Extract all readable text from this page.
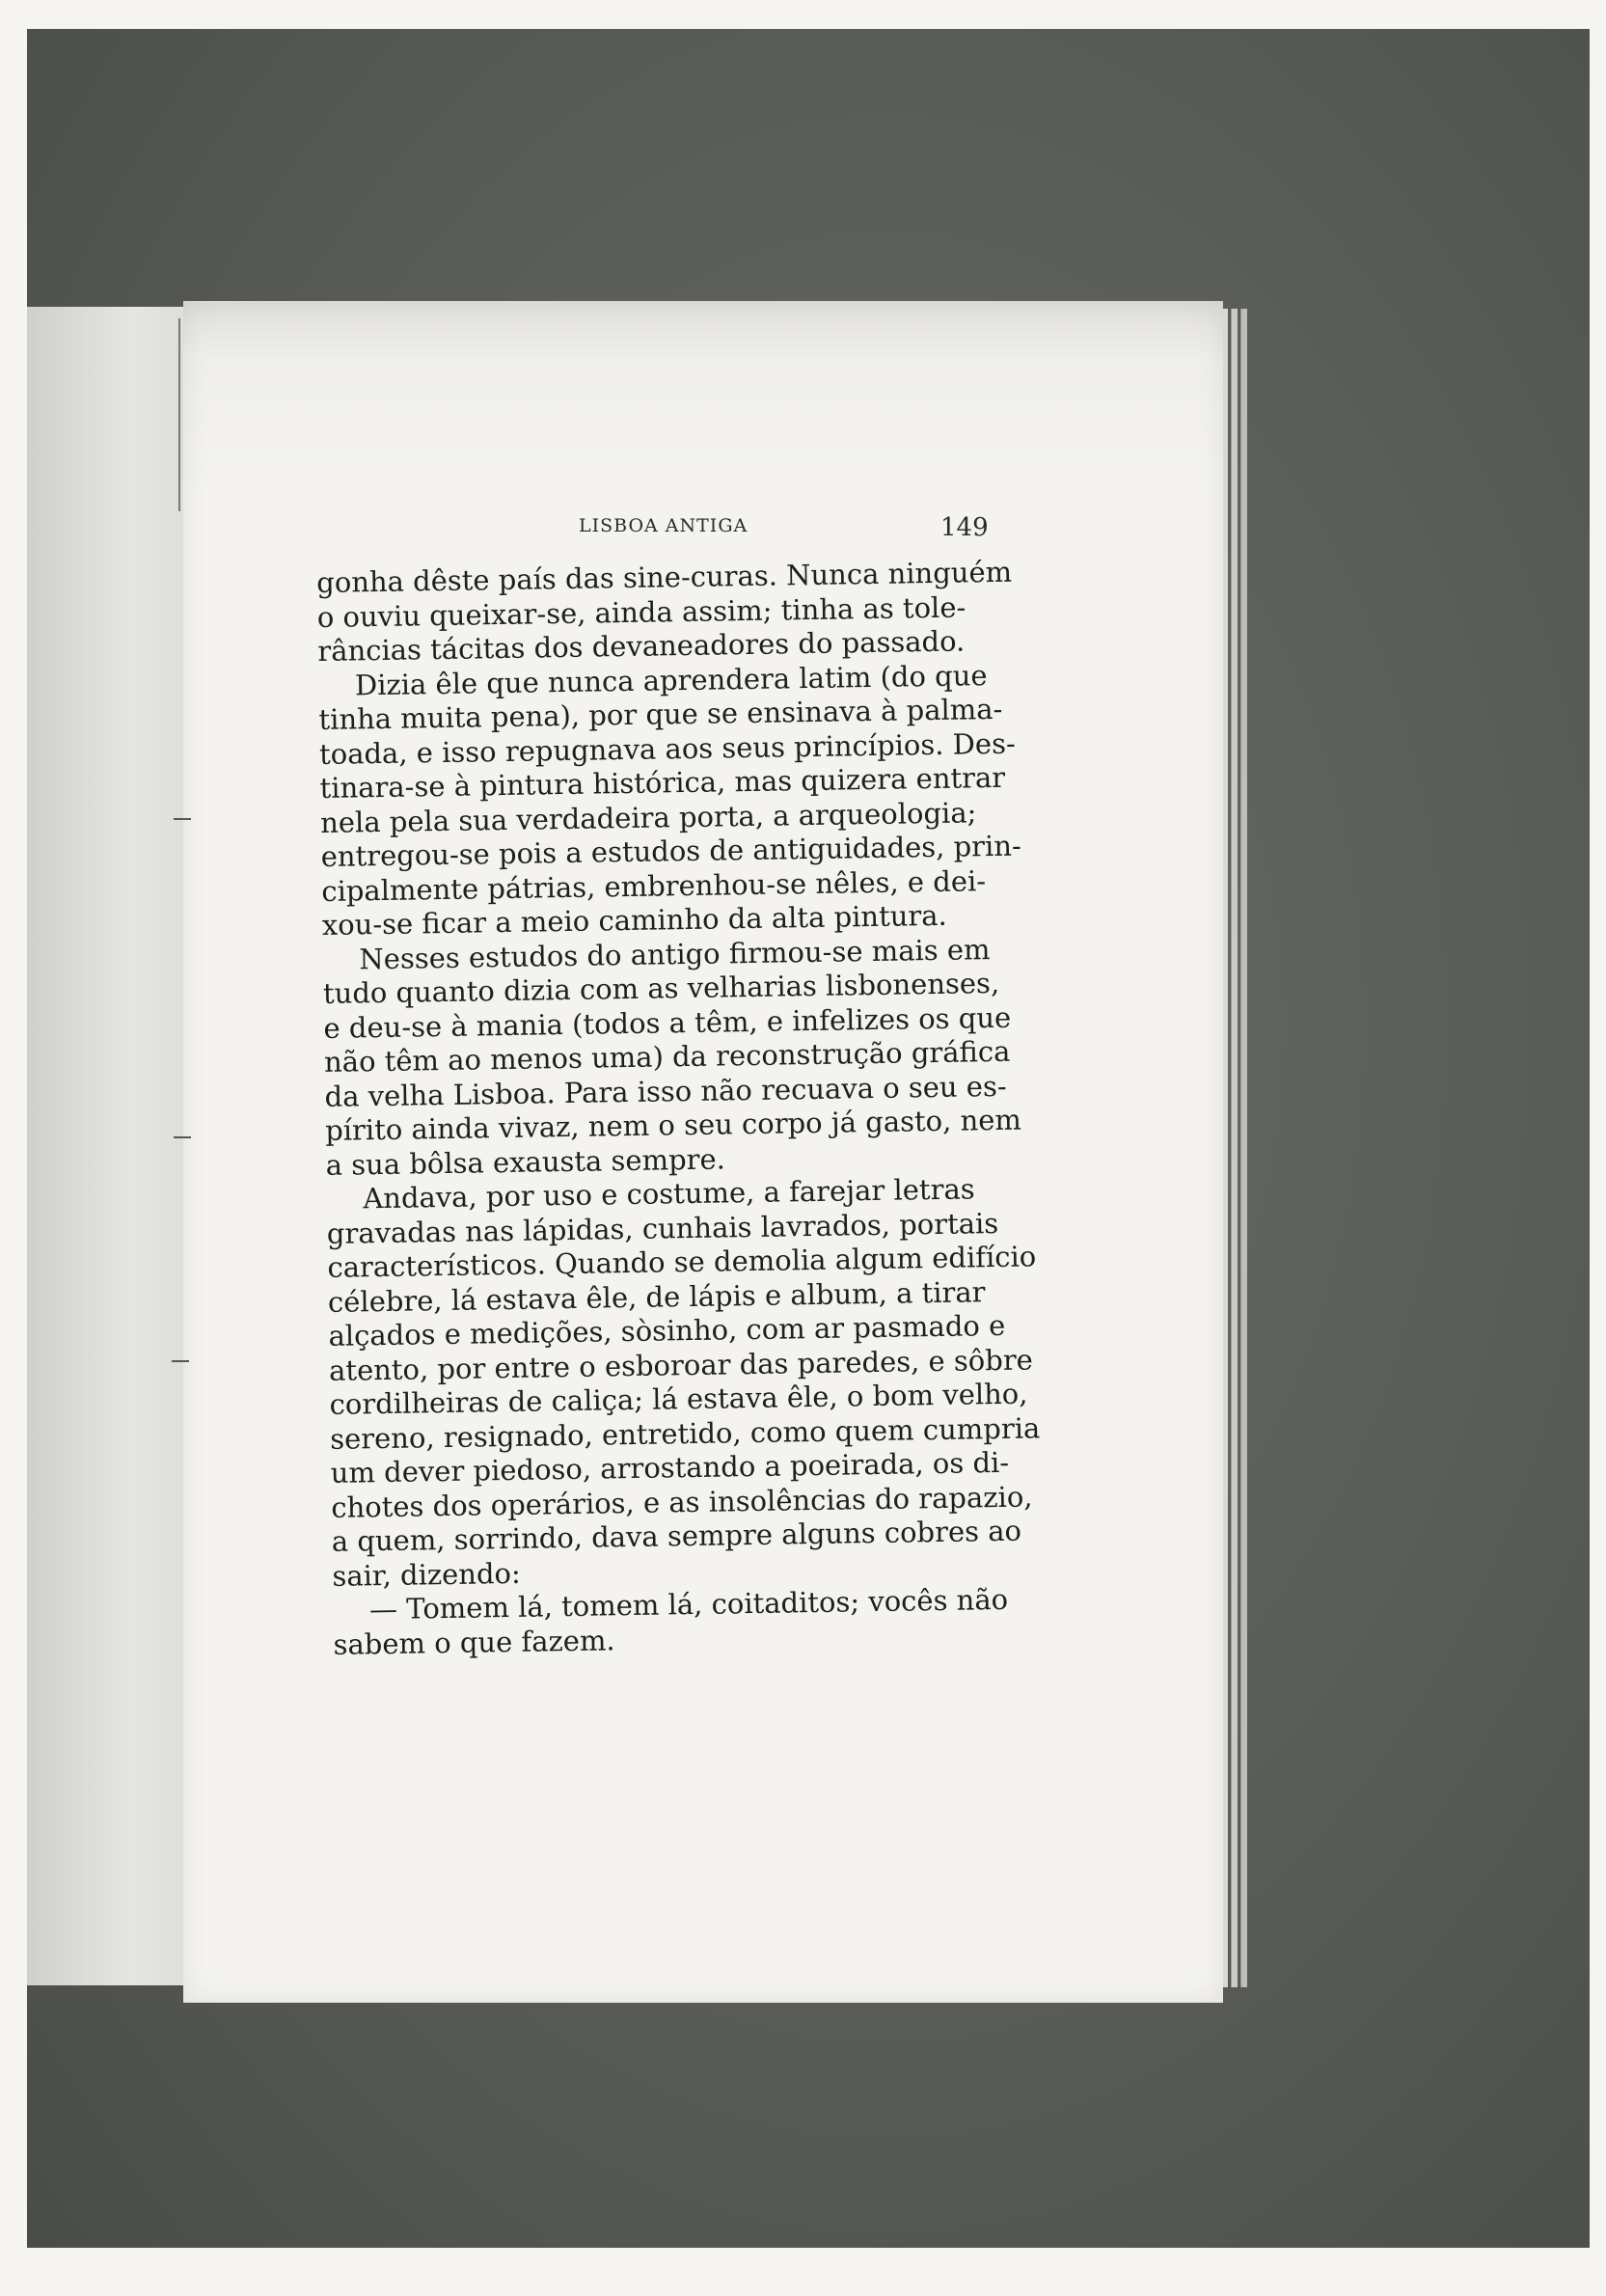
LISBOA ANTIGA	149
gonha dêste país das sine-curas. Nunca ninguém
o ouviu queixar-se, ainda assim; tinha as tole-
râncias tácitas dos devaneadores do passado.
Dizia êle que nunca aprendera latim (do que
tinha muita pena), por que se ensinava à palma-
toada, e isso repugnava aos seus princípios. Des-
tinara-se à pintura histórica, mas quizera entrar
nela pela sua verdadeira porta, a arqueologia;
entregou-se pois a estudos de antiguidades, prin-
cipalmente pátrias, embrenhou-se nêles, e dei-
xou-se ficar a meio caminho da alta pintura.
Nesses estudos do antigo firmou-se mais em
tudo quanto dizia com as velharias lisbonenses,
e deu-se à mania (todos a têm, e infelizes os que
não têm ao menos uma) da reconstrução gráfica
da velha Lisboa. Para isso não recuava o seu es-
pírito ainda vivaz, nem o seu corpo já gasto, nem
a sua bôlsa exausta sempre.
Andava, por uso e costume, a farejar letras
gravadas nas lápidas, cunhais lavrados, portais
característicos. Quando se demolia algum edifício
célebre, lá estava êle, de lápis e album, a tirar
alçados e medições, sòsinho, com ar pasmado e
atento, por entre o esboroar das paredes, e sôbre
cordilheiras de caliça; lá estava êle, o bom velho,
sereno, resignado, entretido, como quem cumpria
um dever piedoso, arrostando a poeirada, os di-
chotes dos operários, e as insolências do rapazio,
a quem, sorrindo, dava sempre alguns cobres ao
sair, dizendo:
— Tomem lá, tomem lá, coitaditos; vocês não
sabem o que fazem.
